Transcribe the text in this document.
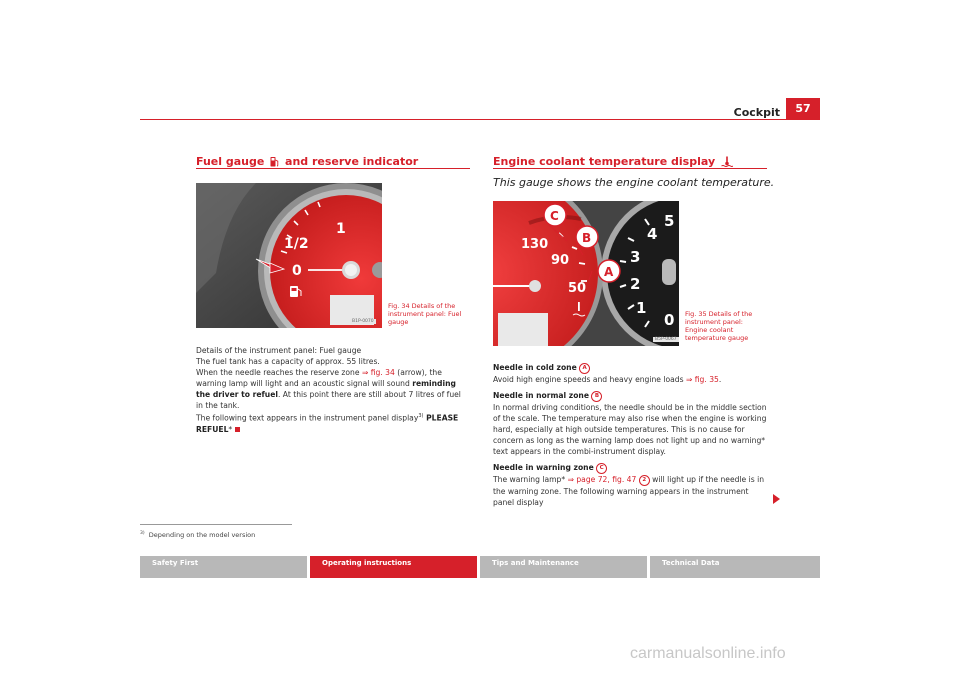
Cockpit	57
Fuel gauge and reserve indicator
1
1/2
0
B1P-0070
Fig. 34 Details of the instrument panel: Fuel gauge

Details of the instrument panel: Fuel gauge

The fuel tank has a capacity of approx. 55 litres.

When the needle reaches the reserve zone ⇒ fig. 34 (arrow), the warning lamp will light and an acoustic signal will sound reminding the driver to refuel. At this point there are still about 7 litres of fuel in the tank.

The following text appears in the instrument panel display$^{3)}$ PLEASE REFUEL*

Engine coolant temperature display
This gauge shows the engine coolant temperature.
5
4
3
2
1
0
130
90
50
C
B
A
B5P-0067
Fig. 35 Details of the instrument panel: Engine coolant temperature gauge

Needle in cold zone A

Avoid high engine speeds and heavy engine loads ⇒ fig. 35.

Needle in normal zone B

In normal driving conditions, the needle should be in the middle section of the scale. The temperature may also rise when the engine is working hard, especially at high outside temperatures. This is no cause for concern as long as the warning lamp does not light up and no warning* text appears in the combi-instrument display.

Needle in warning zone C

The warning lamp* ⇒ page 72, fig. 47 2 will light up if the needle is in the warning zone. The following warning appears in the instrument panel display

$^{3)}$ Depending on the model version
Safety First	Operating instructions	Tips and Maintenance	Technical Data
carmanualsonline.info
